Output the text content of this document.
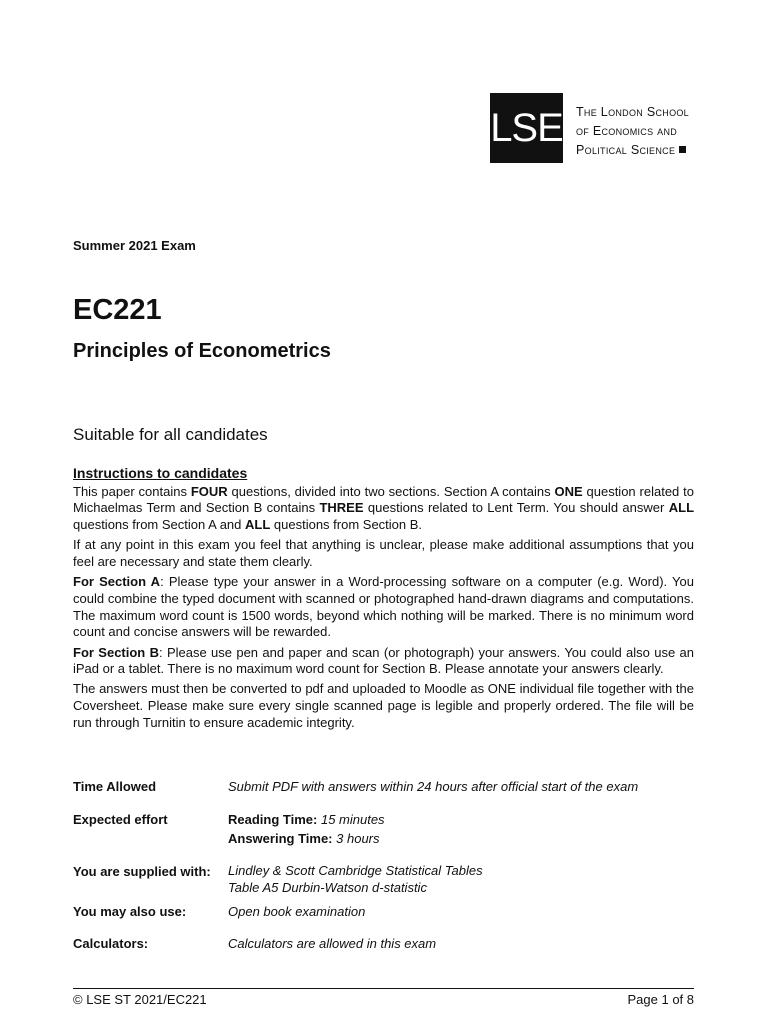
LSE The London School
of Economics and
Political Science
Summer 2021 Exam
EC221
Principles of Econometrics
Suitable for all candidates
Instructions to candidates

This paper contains FOUR questions, divided into two sections. Section A contains ONE question related to Michaelmas Term and Section B contains THREE questions related to Lent Term. You should answer ALL questions from Section A and ALL questions from Section B.

If at any point in this exam you feel that anything is unclear, please make additional assumptions that you feel are necessary and state them clearly.

For Section A: Please type your answer in a Word-processing software on a computer (e.g. Word). You could combine the typed document with scanned or photographed hand-drawn diagrams and computations. The maximum word count is 1500 words, beyond which nothing will be marked. There is no minimum word count and concise answers will be rewarded.

For Section B: Please use pen and paper and scan (or photograph) your answers. You could also use an iPad or a tablet. There is no maximum word count for Section B. Please annotate your answers clearly.

The answers must then be converted to pdf and uploaded to Moodle as ONE individual file together with the Coversheet. Please make sure every single scanned page is legible and properly ordered. The file will be run through Turnitin to ensure academic integrity.

Time Allowed	Submit PDF with answers within 24 hours after official start of the exam
Expected effort	Reading Time: 15 minutes
Answering Time: 3 hours
You are supplied with: Lindley & Scott Cambridge Statistical Tables
Table A5 Durbin-Watson d-statistic
You may also use:	Open book examination
Calculators:	Calculators are allowed in this exam
© LSE ST 2021/EC221	Page 1 of 8
